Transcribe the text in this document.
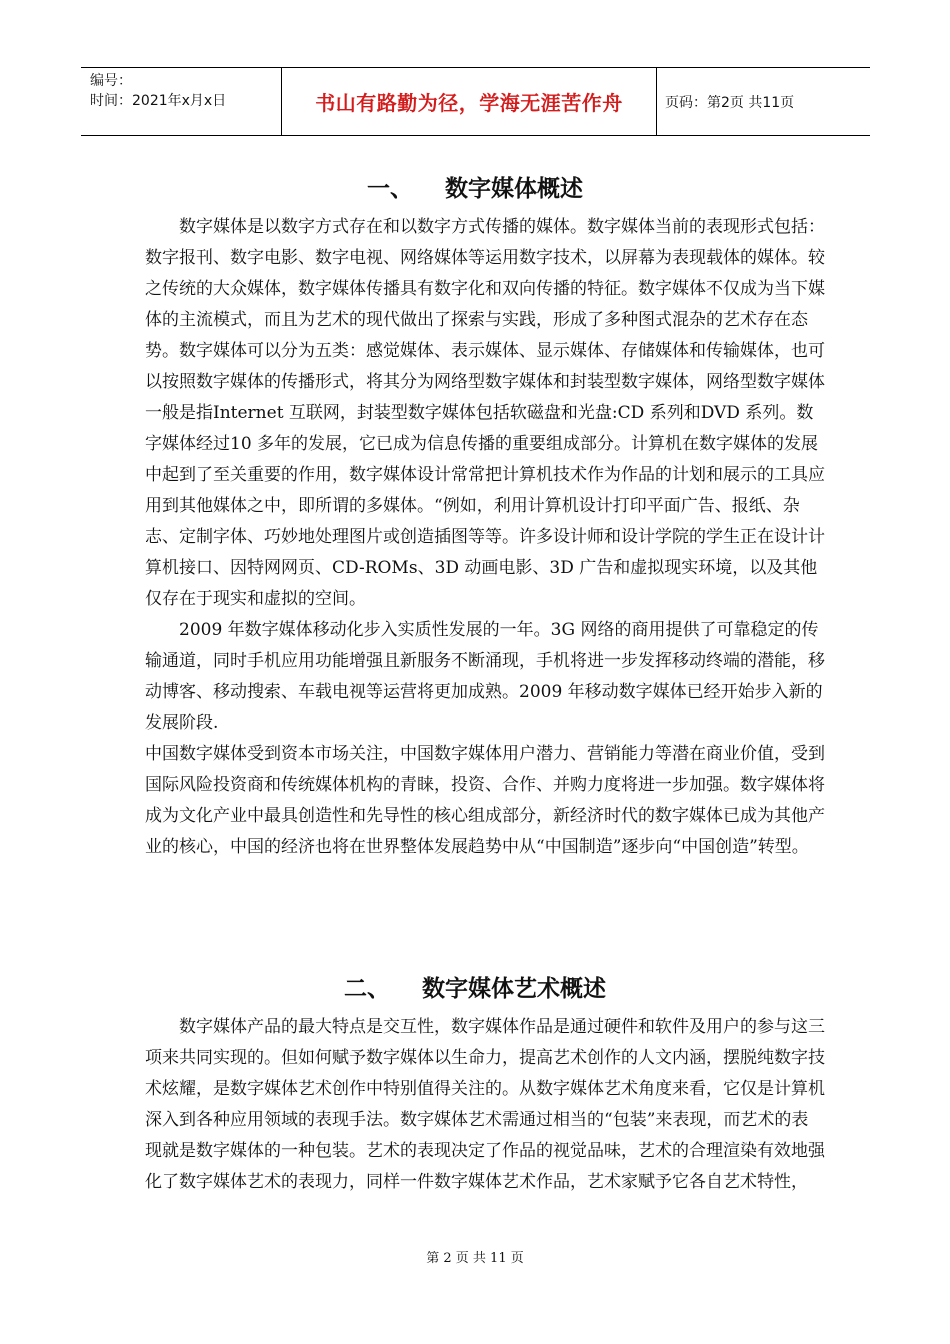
编号：
时间：2021年x月x日	书山有路勤为径，学海无涯苦作舟	页码：第2页 共11页
一、    数字媒体概述

数字媒体是以数字方式存在和以数字方式传播的媒体。数字媒体当前的表现形式包括：数字报刊、数字电影、数字电视、网络媒体等运用数字技术，以屏幕为表现载体的媒体。较之传统的大众媒体，数字媒体传播具有数字化和双向传播的特征。数字媒体不仅成为当下媒体的主流模式，而且为艺术的现代做出了探索与实践，形成了多种图式混杂的艺术存在态势。数字媒体可以分为五类：感觉媒体、表示媒体、显示媒体、存储媒体和传输媒体，也可以按照数字媒体的传播形式，将其分为网络型数字媒体和封装型数字媒体，网络型数字媒体一般是指Internet 互联网，封装型数字媒体包括软磁盘和光盘:CD 系列和DVD 系列。数字媒体经过10 多年的发展，它已成为信息传播的重要组成部分。计算机在数字媒体的发展中起到了至关重要的作用，数字媒体设计常常把计算机技术作为作品的计划和展示的工具应用到其他媒体之中，即所谓的多媒体。“例如，利用计算机设计打印平面广告、报纸、杂志、定制字体、巧妙地处理图片或创造插图等等。许多设计师和设计学院的学生正在设计计算机接口、因特网网页、CD-ROMs、3D 动画电影、3D 广告和虚拟现实环境，以及其他仅存在于现实和虚拟的空间。

2009 年数字媒体移动化步入实质性发展的一年。3G 网络的商用提供了可靠稳定的传输通道，同时手机应用功能增强且新服务不断涌现，手机将进一步发挥移动终端的潜能，移动博客、移动搜索、车载电视等运营将更加成熟。2009 年移动数字媒体已经开始步入新的发展阶段.

中国数字媒体受到资本市场关注，中国数字媒体用户潜力、营销能力等潜在商业价值，受到国际风险投资商和传统媒体机构的青睐，投资、合作、并购力度将进一步加强。数字媒体将成为文化产业中最具创造性和先导性的核心组成部分，新经济时代的数字媒体已成为其他产业的核心，中国的经济也将在世界整体发展趋势中从“中国制造”逐步向“中国创造”转型。

二、    数字媒体艺术概述

数字媒体产品的最大特点是交互性，数字媒体作品是通过硬件和软件及用户的参与这三项来共同实现的。但如何赋予数字媒体以生命力，提高艺术创作的人文内涵，摆脱纯数字技术炫耀，是数字媒体艺术创作中特别值得关注的。从数字媒体艺术角度来看，它仅是计算机深入到各种应用领域的表现手法。数字媒体艺术需通过相当的“包装”来表现，而艺术的表现就是数字媒体的一种包装。艺术的表现决定了作品的视觉品味，艺术的合理渲染有效地强化了数字媒体艺术的表现力，同样一件数字媒体艺术作品，艺术家赋予它各自艺术特性，

第 2 页 共 11 页
